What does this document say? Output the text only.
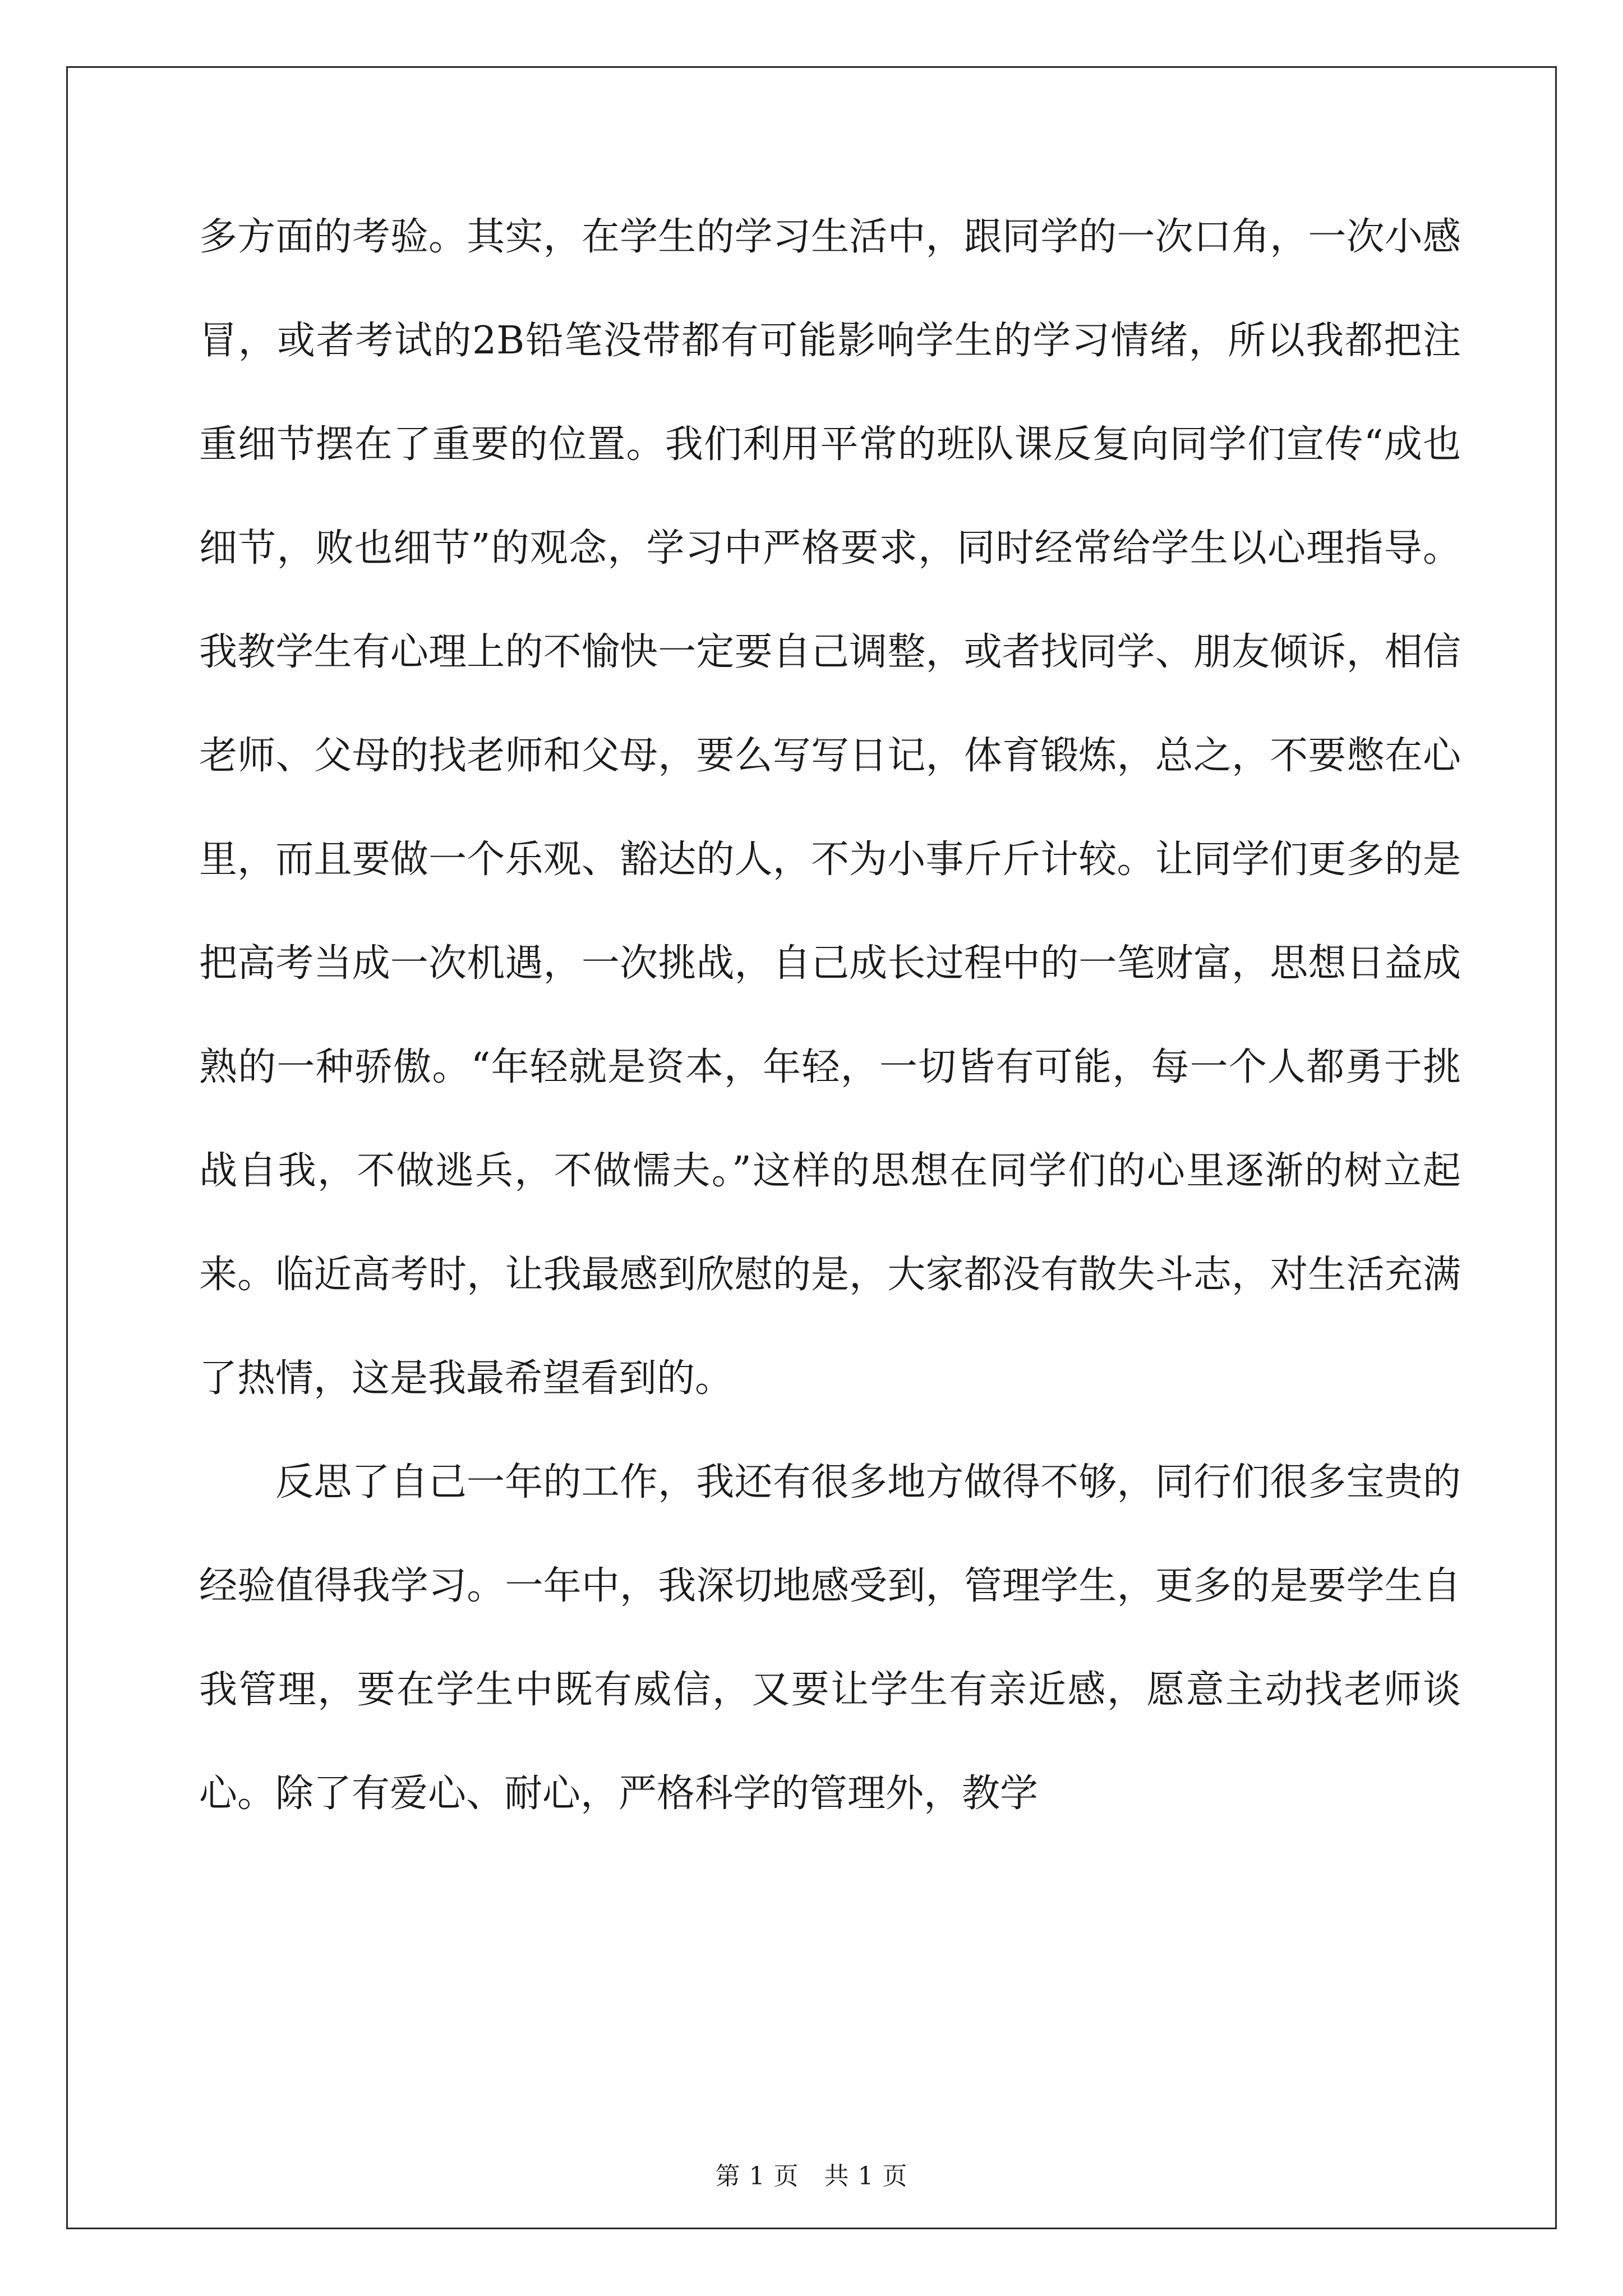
多方面的考验。其实，在学生的学习生活中，跟同学的一次口角，一次小感冒，或者考试的2B铅笔没带都有可能影响学生的学习情绪，所以我都把注重细节摆在了重要的位置。我们利用平常的班队课反复向同学们宣传“成也细节，败也细节”的观念，学习中严格要求，同时经常给学生以心理指导。我教学生有心理上的不愉快一定要自己调整，或者找同学、朋友倾诉，相信老师、父母的找老师和父母，要么写写日记，体育锻炼，总之，不要憋在心里，而且要做一个乐观、豁达的人，不为小事斤斤计较。让同学们更多的是把高考当成一次机遇，一次挑战，自己成长过程中的一笔财富，思想日益成熟的一种骄傲。“年轻就是资本，年轻，一切皆有可能，每一个人都勇于挑战自我，不做逃兵，不做懦夫。”这样的思想在同学们的心里逐渐的树立起来。临近高考时，让我最感到欣慰的是，大家都没有散失斗志，对生活充满了热情，这是我最希望看到的。

反思了自己一年的工作，我还有很多地方做得不够，同行们很多宝贵的经验值得我学习。一年中，我深切地感受到，管理学生，更多的是要学生自我管理，要在学生中既有威信，又要让学生有亲近感，愿意主动找老师谈心。除了有爱心、耐心，严格科学的管理外，教学

第 1 页　共 1 页
